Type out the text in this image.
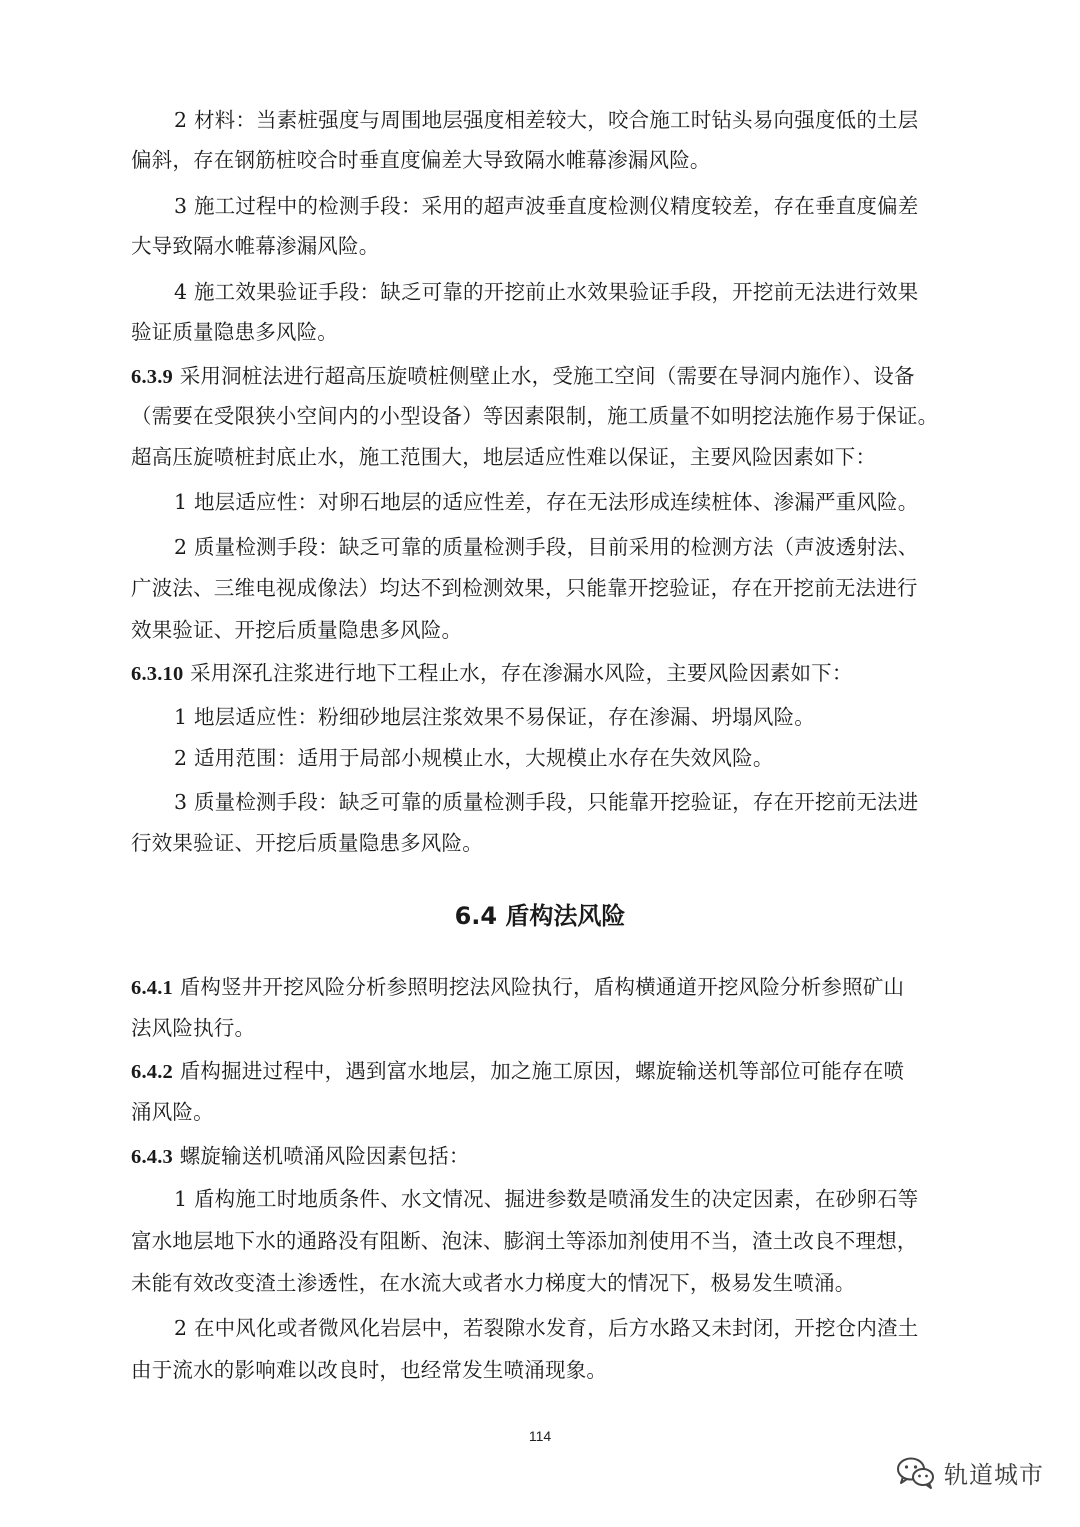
2 材料：当素桩强度与周围地层强度相差较大，咬合施工时钻头易向强度低的土层
偏斜，存在钢筋桩咬合时垂直度偏差大导致隔水帷幕渗漏风险。
3 施工过程中的检测手段：采用的超声波垂直度检测仪精度较差，存在垂直度偏差
大导致隔水帷幕渗漏风险。
4 施工效果验证手段：缺乏可靠的开挖前止水效果验证手段，开挖前无法进行效果
验证质量隐患多风险。
6.3.9 采用洞桩法进行超高压旋喷桩侧壁止水，受施工空间（需要在导洞内施作）、设备
（需要在受限狭小空间内的小型设备）等因素限制，施工质量不如明挖法施作易于保证。
超高压旋喷桩封底止水，施工范围大，地层适应性难以保证，主要风险因素如下：
1 地层适应性：对卵石地层的适应性差，存在无法形成连续桩体、渗漏严重风险。
2 质量检测手段：缺乏可靠的质量检测手段，目前采用的检测方法（声波透射法、
广波法、三维电视成像法）均达不到检测效果，只能靠开挖验证，存在开挖前无法进行
效果验证、开挖后质量隐患多风险。
6.3.10 采用深孔注浆进行地下工程止水，存在渗漏水风险，主要风险因素如下：
1 地层适应性：粉细砂地层注浆效果不易保证，存在渗漏、坍塌风险。
2 适用范围：适用于局部小规模止水，大规模止水存在失效风险。
3 质量检测手段：缺乏可靠的质量检测手段，只能靠开挖验证，存在开挖前无法进
行效果验证、开挖后质量隐患多风险。
6.4 盾构法风险
6.4.1 盾构竖井开挖风险分析参照明挖法风险执行，盾构横通道开挖风险分析参照矿山
法风险执行。
6.4.2 盾构掘进过程中，遇到富水地层，加之施工原因，螺旋输送机等部位可能存在喷
涌风险。
6.4.3 螺旋输送机喷涌风险因素包括：
1 盾构施工时地质条件、水文情况、掘进参数是喷涌发生的决定因素，在砂卵石等
富水地层地下水的通路没有阻断、泡沫、膨润土等添加剂使用不当，渣土改良不理想，
未能有效改变渣土渗透性，在水流大或者水力梯度大的情况下，极易发生喷涌。
2 在中风化或者微风化岩层中，若裂隙水发育，后方水路又未封闭，开挖仓内渣土
由于流水的影响难以改良时，也经常发生喷涌现象。
114
轨道城市
